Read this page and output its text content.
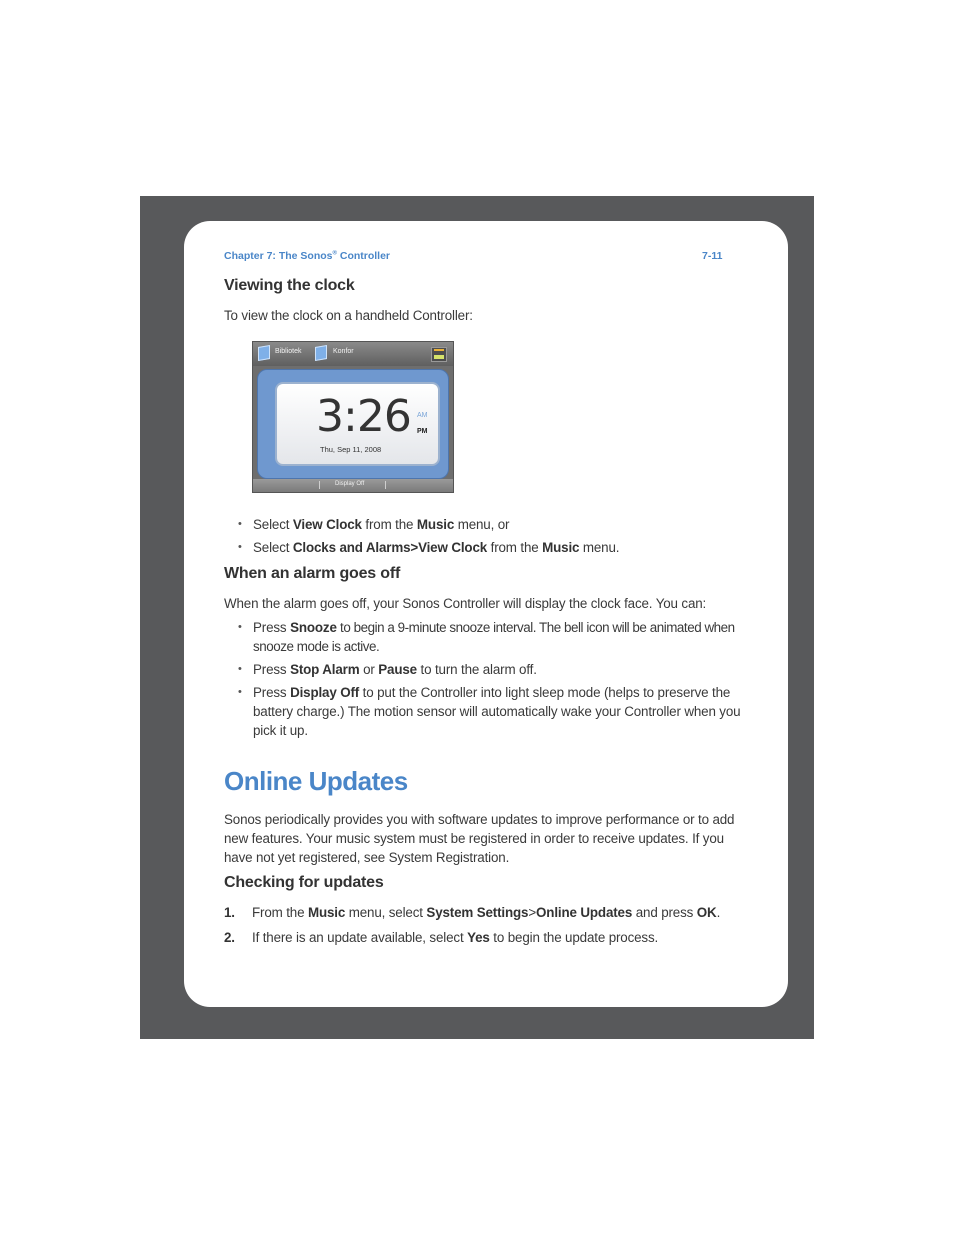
Chapter 7: The Sonos® Controller	7-11
Viewing the clock
To view the clock on a handheld Controller:
Bibliotek	Konfor
3:26 AM
PM
Thu, Sep 11, 2008
Display Off
• Select View Clock from the Music menu, or
• Select Clocks and Alarms>View Clock from the Music menu.
When an alarm goes off
When the alarm goes off, your Sonos Controller will display the clock face. You can:
• Press Snooze to begin a 9-minute snooze interval. The bell icon will be animated when snooze mode is active.
• Press Stop Alarm or Pause to turn the alarm off.
• Press Display Off to put the Controller into light sleep mode (helps to preserve the battery charge.) The motion sensor will automatically wake your Controller when you pick it up.
Online Updates
Sonos periodically provides you with software updates to improve performance or to add new features. Your music system must be registered in order to receive updates. If you have not yet registered, see System Registration.
Checking for updates
1. From the Music menu, select System Settings>Online Updates and press OK.
2. If there is an update available, select Yes to begin the update process.
